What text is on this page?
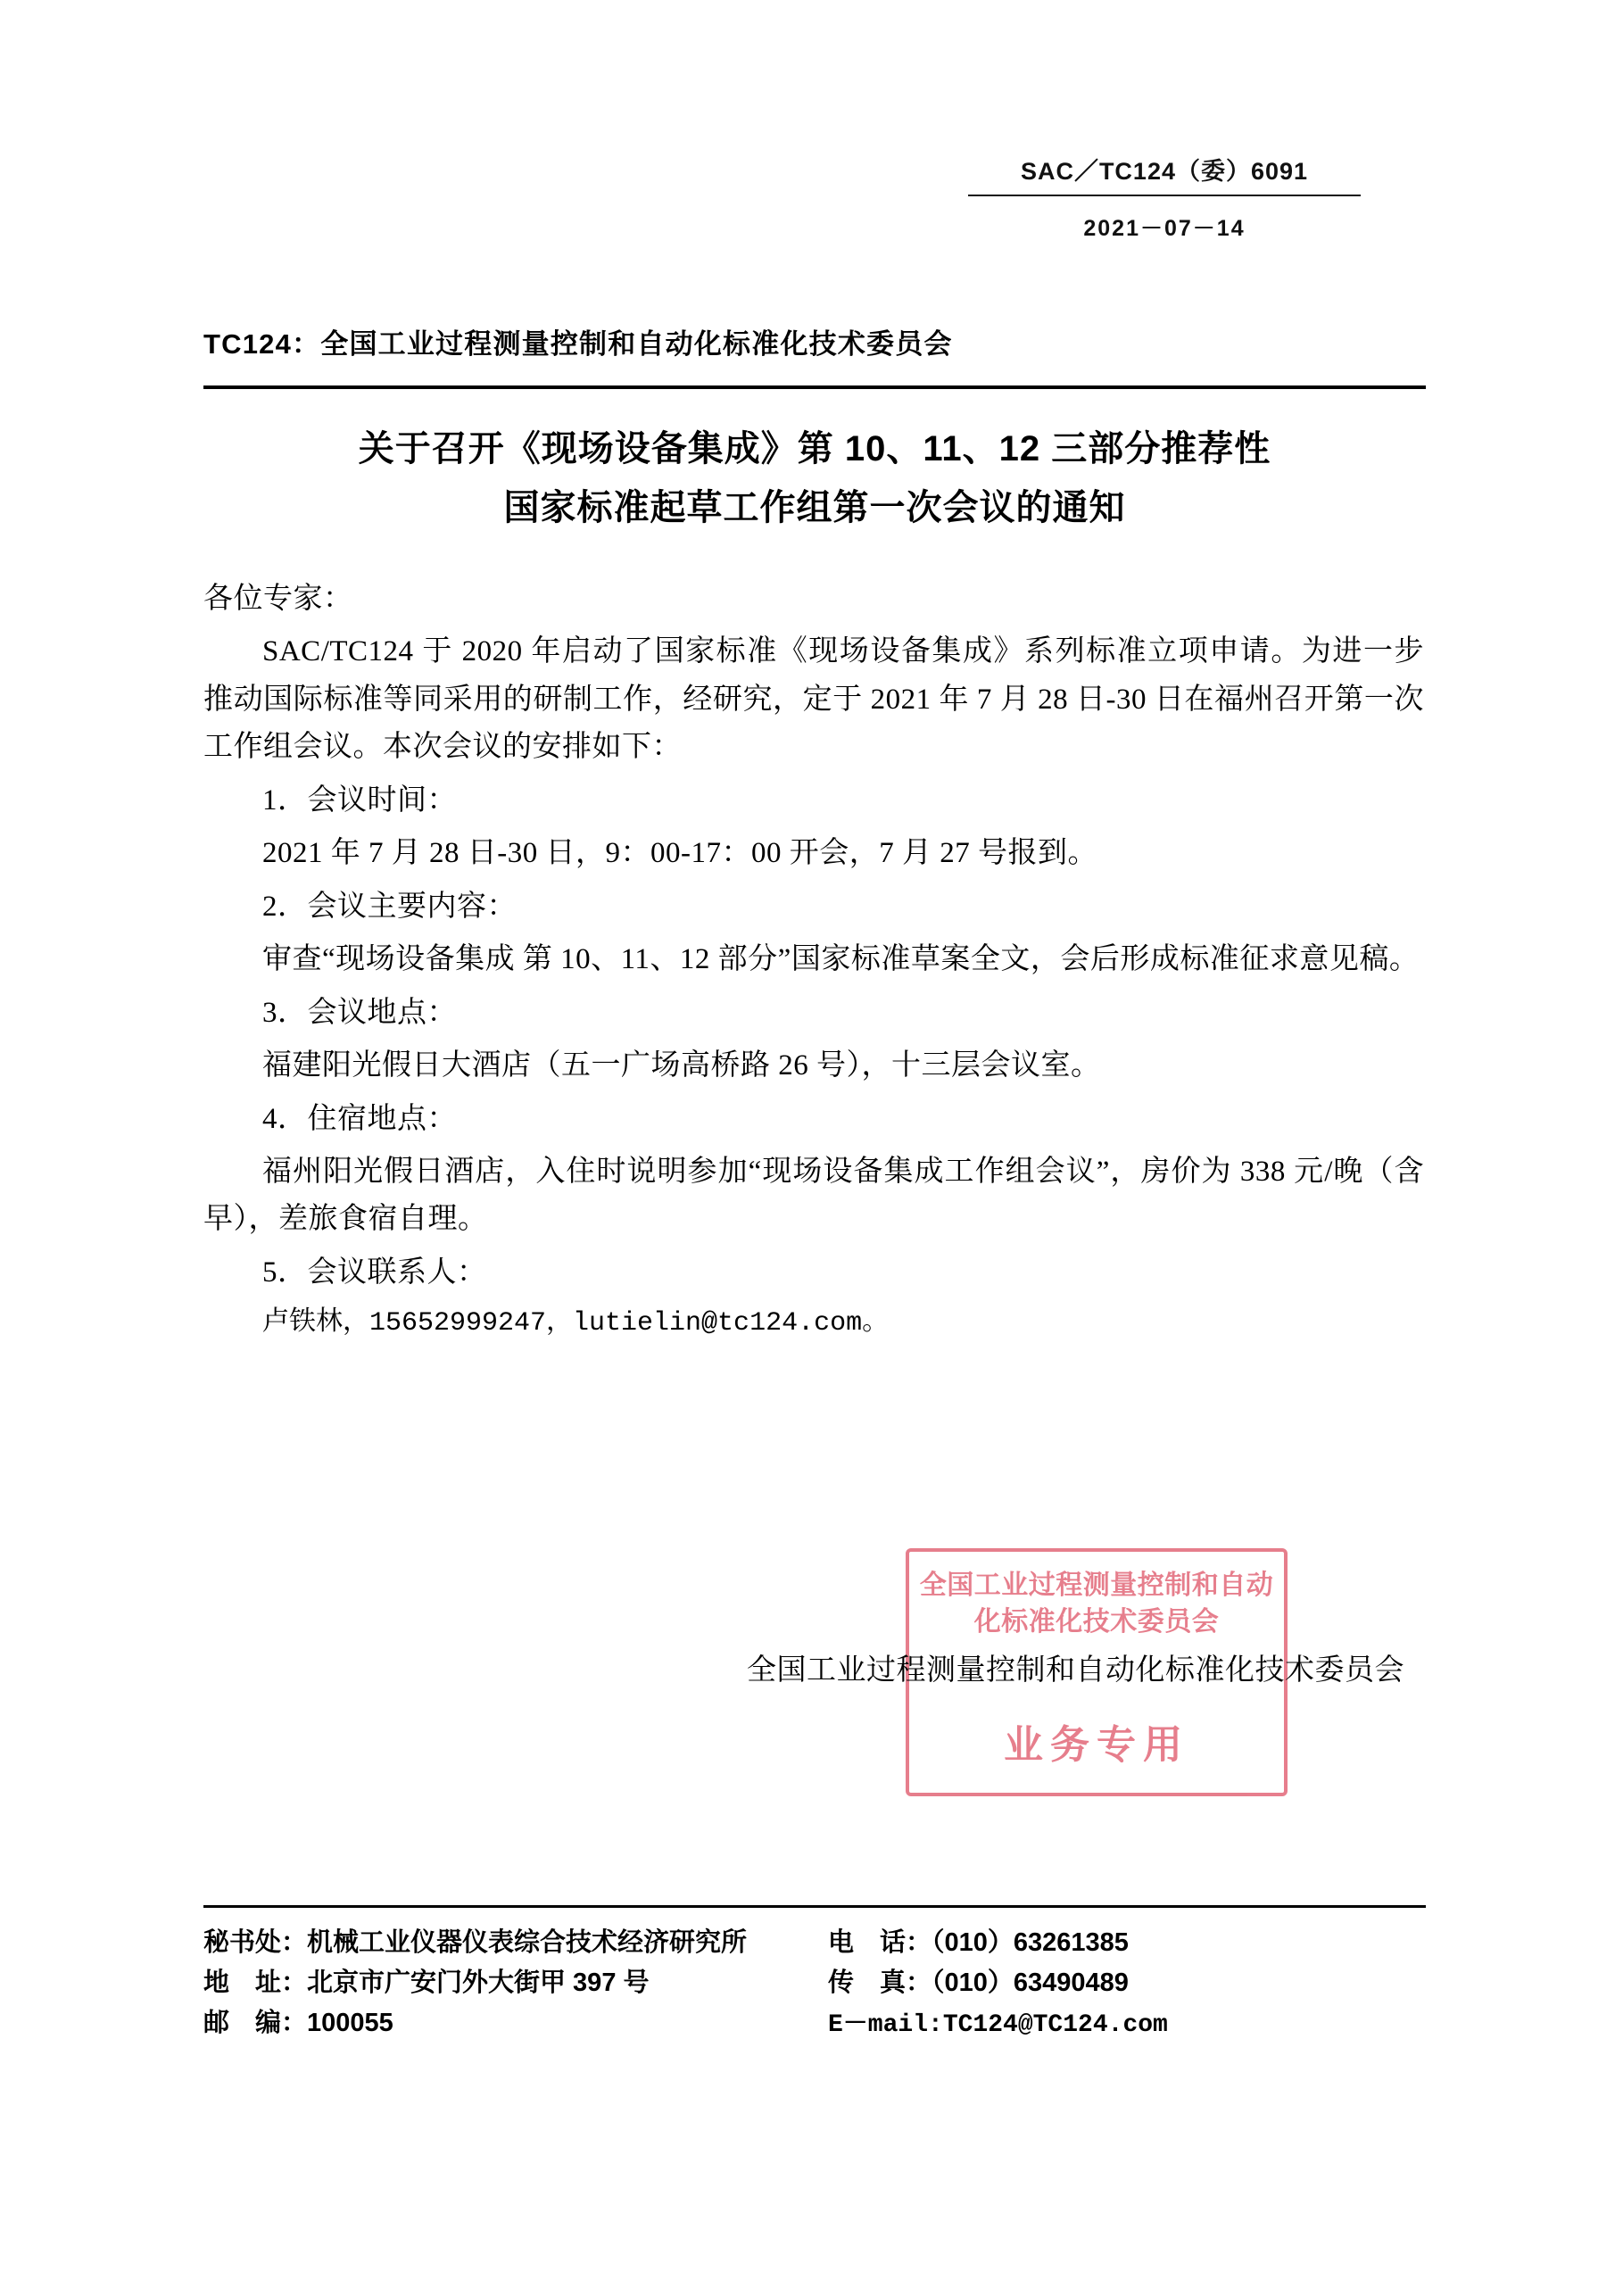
SAC／TC124（委）6091
2021－07－14
TC124：全国工业过程测量控制和自动化标准化技术委员会
关于召开《现场设备集成》第 10、11、12 三部分推荐性
国家标准起草工作组第一次会议的通知

各位专家：

SAC/TC124 于 2020 年启动了国家标准《现场设备集成》系列标准立项申请。为进一步推动国际标准等同采用的研制工作，经研究，定于 2021 年 7 月 28 日-30 日在福州召开第一次工作组会议。本次会议的安排如下：

1．会议时间：

2021 年 7 月 28 日-30 日，9：00-17：00 开会，7 月 27 号报到。

2．会议主要内容：

审查“现场设备集成 第 10、11、12 部分”国家标准草案全文，会后形成标准征求意见稿。

3．会议地点：

福建阳光假日大酒店（五一广场高桥路 26 号），十三层会议室。

4．住宿地点：

福州阳光假日酒店，入住时说明参加“现场设备集成工作组会议”，房价为 338 元/晚（含早），差旅食宿自理。

5．会议联系人：

卢铁林，15652999247，lutielin@tc124.com。

全国工业过程测量控制和自动化标准化技术委员会
业务专用
全国工业过程测量控制和自动化标准化技术委员会
秘书处：机械工业仪器仪表综合技术经济研究所	电　话：（010）63261385
地　址：北京市广安门外大街甲 397 号	传　真：（010）63490489
邮　编：100055	E－mail:TC124@TC124.com
